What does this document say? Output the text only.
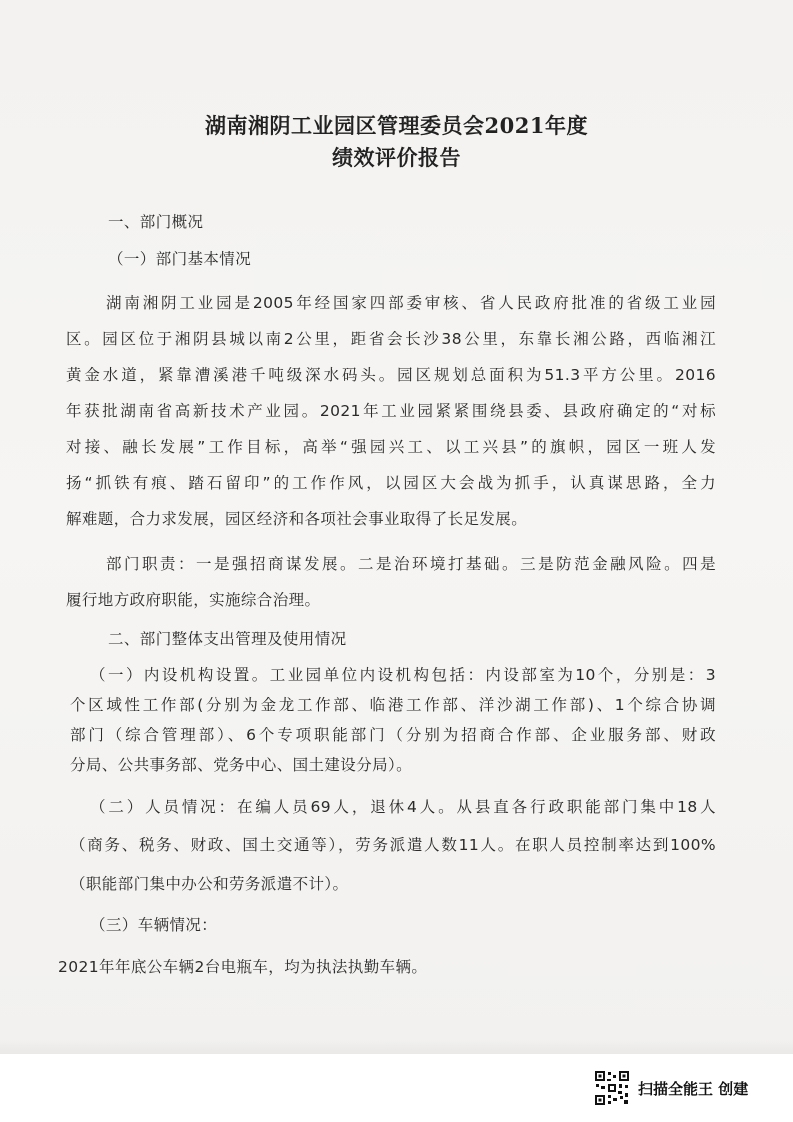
湖南湘阴工业园区管理委员会2021年度
绩效评价报告
一、部门概况
（一）部门基本情况
湖南湘阴工业园是2005年经国家四部委审核、省人民政府批准的省级工业园
区。园区位于湘阴县城以南2公里，距省会长沙38公里，东靠长湘公路，西临湘江
黄金水道，紧靠漕溪港千吨级深水码头。园区规划总面积为51.3平方公里。2016
年获批湖南省高新技术产业园。2021年工业园紧紧围绕县委、县政府确定的“对标
对接、融长发展”工作目标，高举“强园兴工、以工兴县”的旗帜，园区一班人发
扬“抓铁有痕、踏石留印”的工作作风，以园区大会战为抓手，认真谋思路，全力
解难题，合力求发展，园区经济和各项社会事业取得了长足发展。
部门职责：一是强招商谋发展。二是治环境打基础。三是防范金融风险。四是
履行地方政府职能，实施综合治理。
二、部门整体支出管理及使用情况
（一）内设机构设置。工业园单位内设机构包括：内设部室为10个，分别是：3
个区域性工作部(分别为金龙工作部、临港工作部、洋沙湖工作部)、1个综合协调
部门（综合管理部）、6个专项职能部门（分别为招商合作部、企业服务部、财政
分局、公共事务部、党务中心、国土建设分局）。
（二）人员情况：在编人员69人，退休4人。从县直各行政职能部门集中18人
（商务、税务、财政、国土交通等），劳务派遣人数11人。在职人员控制率达到100%
（职能部门集中办公和劳务派遣不计）。
（三）车辆情况：
2021年年底公车辆2台电瓶车，均为执法执勤车辆。
扫描全能王 创建
